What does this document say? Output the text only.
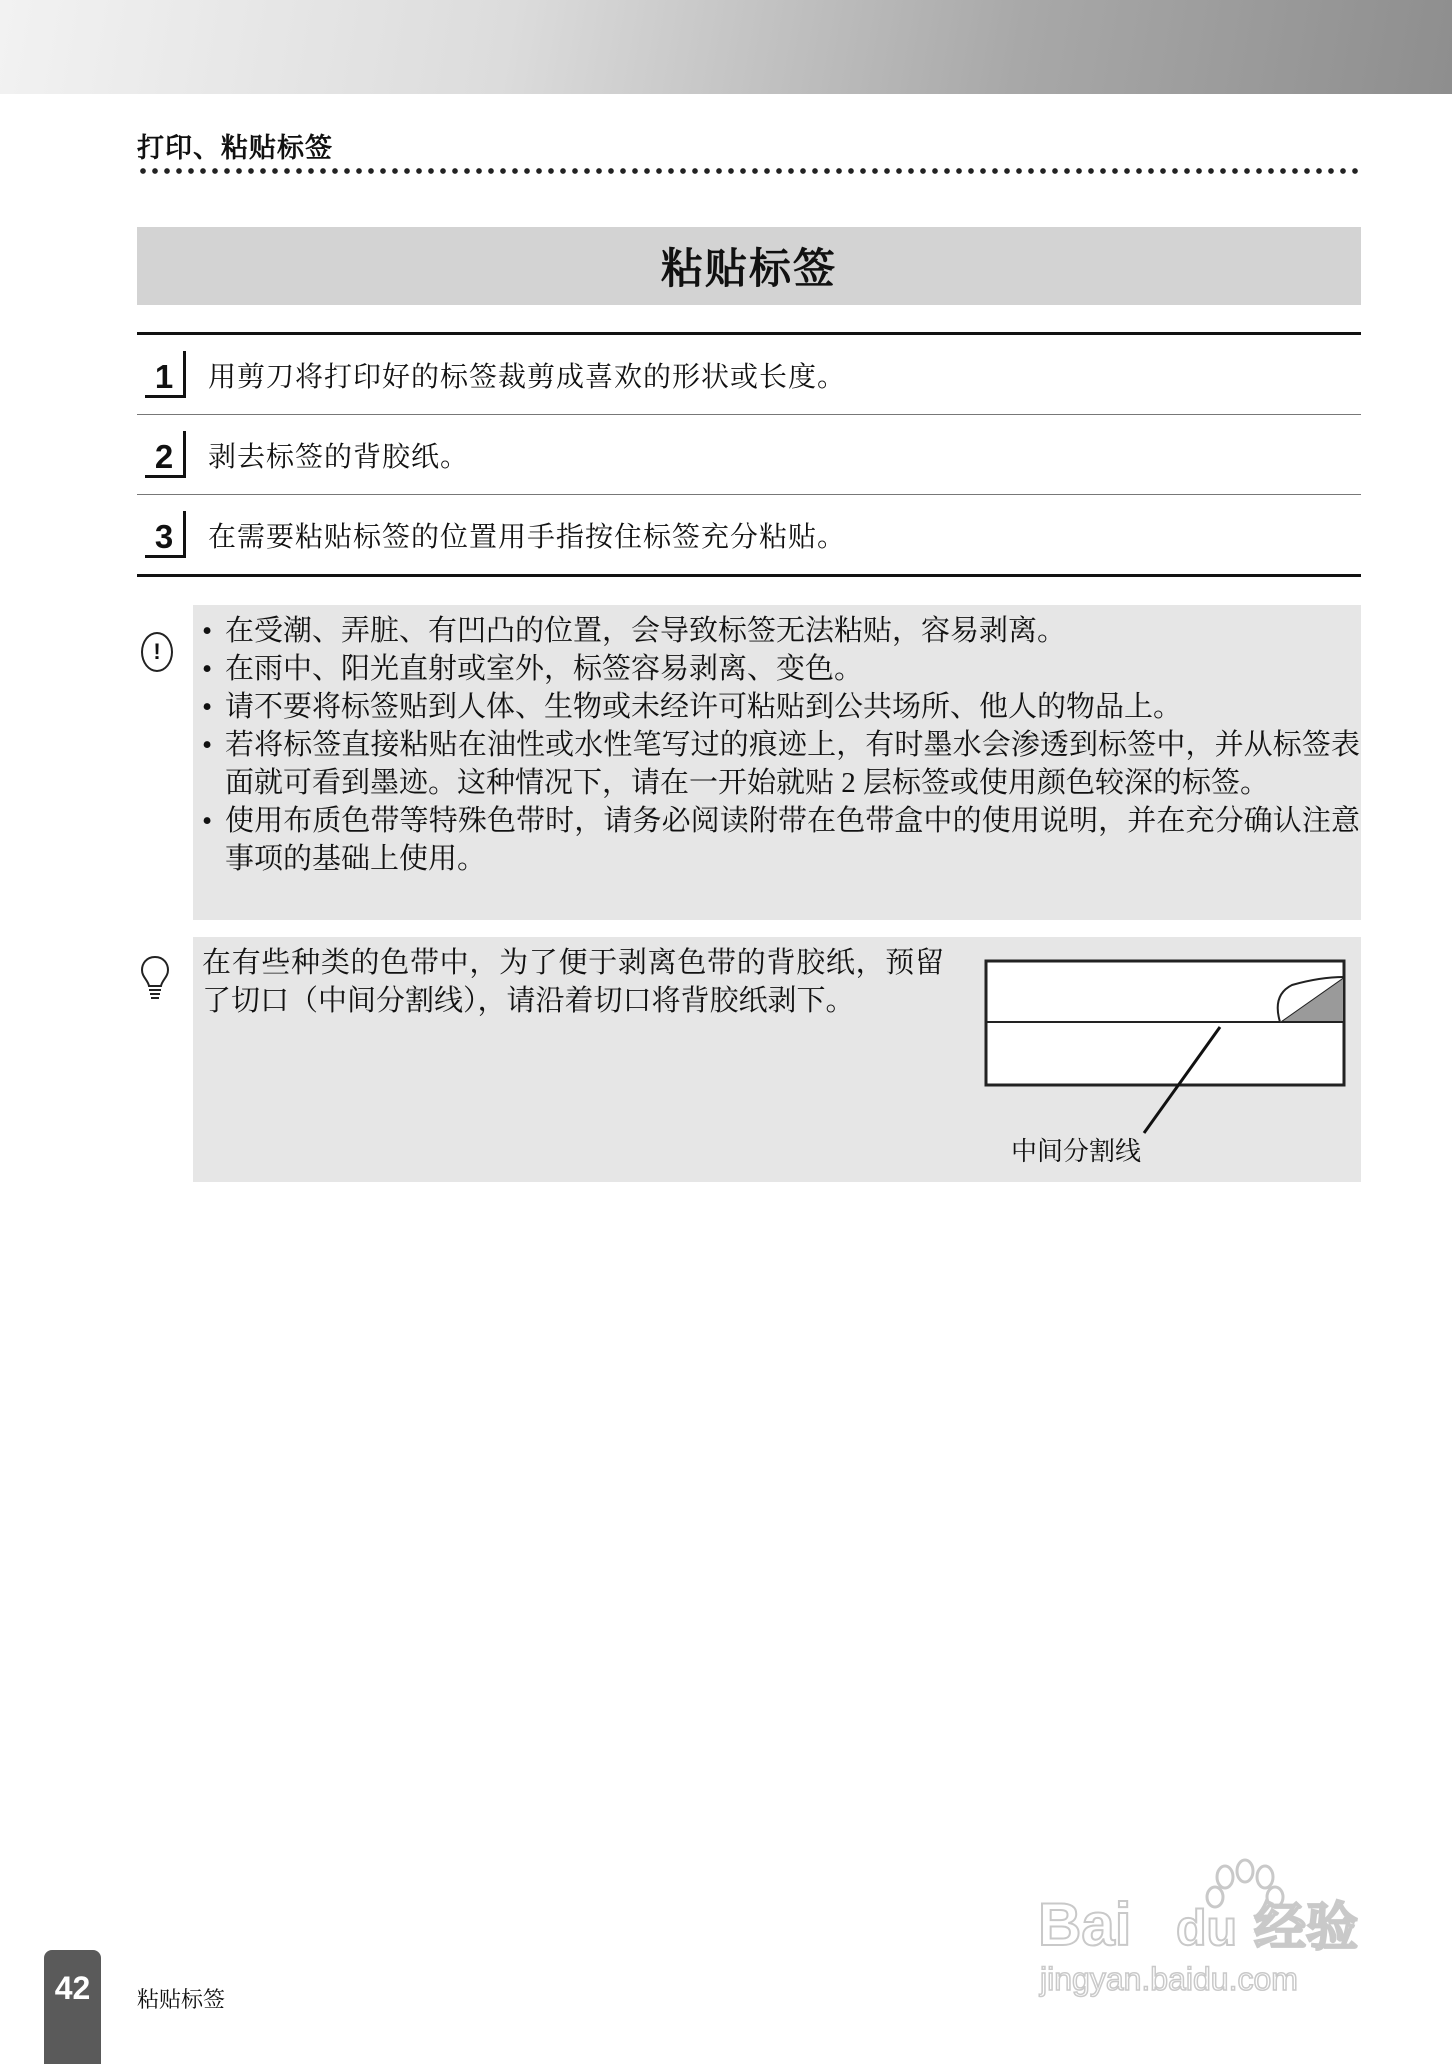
打印、粘贴标签
粘贴标签
1	用剪刀将打印好的标签裁剪成喜欢的形状或长度。
2	剥去标签的背胶纸。
3	在需要粘贴标签的位置用手指按住标签充分粘贴。
!
• 在受潮、弄脏、有凹凸的位置，会导致标签无法粘贴，容易剥离。
• 在雨中、阳光直射或室外，标签容易剥离、变色。
• 请不要将标签贴到人体、生物或未经许可粘贴到公共场所、他人的物品上。
• 若将标签直接粘贴在油性或水性笔写过的痕迹上，有时墨水会渗透到标签中，并从标签表面就可看到墨迹。这种情况下，请在一开始就贴 2 层标签或使用颜色较深的标签。
• 使用布质色带等特殊色带时，请务必阅读附带在色带盒中的使用说明，并在充分确认注意事项的基础上使用。
在有些种类的色带中，为了便于剥离色带的背胶纸，预留了切口（中间分割线），请沿着切口将背胶纸剥下。
中间分割线
42	粘贴标签
Bai du 经验
jingyan.baidu.com
